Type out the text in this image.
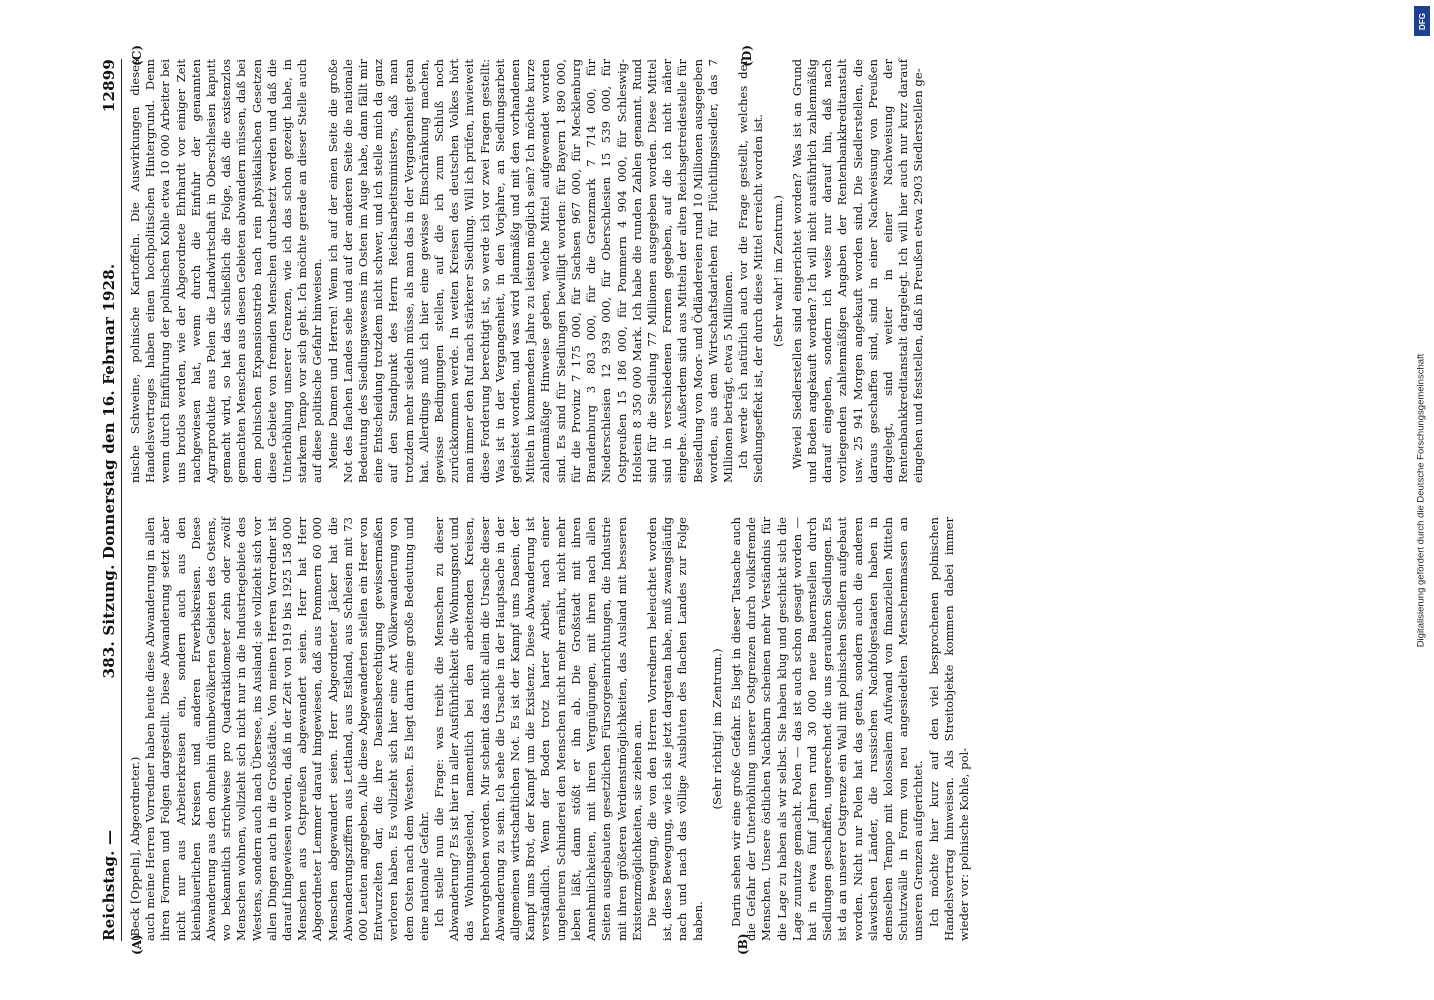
Reichstag. —
383. Sitzung. Donnerstag den 16. Februar 1928.
12899
(A)	(B)
(C)	(D)

(Beck [Oppeln], Abgeordneter.) auch meine Herren Vorredner haben heute diese Abwanderung in allen ihren Formen und Folgen dargestellt. Diese Abwanderung setzt aber nicht nur aus Arbeiterkreisen ein, sondern auch aus den kleinbäuerlichen Kreisen und anderen Erwerbskreisen. Diese Abwanderung aus den ohnehin dünnbevölkerten Gebieten des Ostens, wo bekanntlich strichweise pro Quadratkilometer zehn oder zwölf Menschen wohnen, vollzieht sich nicht nur in die Industriegebiete des Westens, sondern auch nach Übersee, ins Ausland; sie vollzieht sich vor allen Dingen auch in die Großstädte. Von meinen Herren Vorredner ist darauf hingewiesen worden, daß in der Zeit von 1919 bis 1925 158 000 Menschen aus Ostpreußen abgewandert seien. Herr hat Herr Abgeordneter Lemmer darauf hingewiesen, daß aus Pommern 60 000 Menschen abgewandert seien. Herr Abgeordneter Jäcker hat die Abwanderungsziffern aus Lettland, aus Estland, aus Schlesien mit 73 000 Leuten angegeben. Alle diese Abgewanderten stellen ein Heer von Entwurzelten dar, die ihre Daseinsberechtigung gewissermaßen verloren haben. Es vollzieht sich hier eine Art Völkerwanderung von dem Osten nach dem Westen. Es liegt darin eine große Bedeutung und eine nationale Gefahr. Ich stelle nun die Frage: was treibt die Menschen zu dieser Abwanderung? Es ist hier in aller Ausführlichkeit die Wohnungsnot und das Wohnungselend, namentlich bei den arbeitenden Kreisen, hervorgehoben worden. Mir scheint das nicht allein die Ursache dieser Abwanderung zu sein. Ich sehe die Ursache in der Hauptsache in der allgemeinen wirtschaftlichen Not. Es ist der Kampf ums Dasein, der Kampf ums Brot, der Kampf um die Existenz. Diese Abwanderung ist verständlich. Wenn der Boden trotz harter Arbeit, nach einer ungeheuren Schinderei den Menschen nicht mehr ernährt, nicht mehr leben läßt, dann stößt er ihn ab. Die Großstadt mit ihren Annehmlichkeiten, mit ihren Vergnügungen, mit ihren nach allen Seiten ausgebauten gesetzlichen Fürsorgeeinrichtungen, die Industrie mit ihren größeren Verdienstmöglichkeiten, das Ausland mit besseren Existenzmöglichkeiten, sie ziehen an. Die Bewegung, die von den Herren Vorrednern beleuchtet worden ist, diese Bewegung, wie ich sie jetzt dargetan habe, muß zwangsläufig nach und nach das völlige Ausbluten des flachen Landes zur Folge haben.

(Sehr richtig! im Zentrum.) Darin sehen wir eine große Gefahr. Es liegt in dieser Tatsache auch die Gefahr der Unterhöhlung unserer Ostgrenzen durch volksfremde Menschen. Unsere östlichen Nachbarn scheinen mehr Verständnis für die Lage zu haben als wir selbst. Sie haben klug und geschickt sich die Lage zunutze gemacht. Polen — das ist auch schon gesagt worden — hat in etwa fünf Jahren rund 30 000 neue Bauernstellen durch Siedlungen geschaffen, ungerechnet die uns geraubten Siedlungen. Es ist da an unserer Ostgrenze ein Wall mit polnischen Siedlern aufgebaut worden. Nicht nur Polen hat das getan, sondern auch die anderen slawischen Länder, die russischen Nachfolgestaaten haben in demselben Tempo mit kolossalem Aufwand von finanziellen Mitteln Schutzwälle in Form von neu angesiedelten Menschenmassen an unseren Grenzen aufgerichtet. Ich möchte hier kurz auf den viel besprochenen polnischen Handelsvertrag hinweisen. Als Streitobjekte kommen dabei immer wieder vor: polnische Kohle, pol-

nische Schweine, polnische Kartoffeln. Die Auswirkungen dieses Handelsvertrages haben einen hochpolitischen Hintergrund. Denn wenn durch Einführung der polnischen Kohle etwa 10 000 Arbeiter bei uns brotlos werden, wie der Abgeordnete Ehrhardt vor einiger Zeit nachgewiesen hat, wenn durch die Einfuhr der genannten Agrarprodukte aus Polen die Landwirtschaft in Oberschlesien kaputt gemacht wird, so hat das schließlich die Folge, daß die existenzlos gemachten Menschen aus diesen Gebieten abwandern müssen, daß bei dem polnischen Expansionstrieb nach rein physikalischen Gesetzen diese Gebiete von fremden Menschen durchsetzt werden und daß die Unterhöhlung unserer Grenzen, wie ich das schon gezeigt habe, in starkem Tempo vor sich geht. Ich möchte gerade an dieser Stelle auch auf diese politische Gefahr hinweisen. Meine Damen und Herren! Wenn ich auf der einen Seite die große Not des flachen Landes sehe und auf der anderen Seite die nationale Bedeutung des Siedlungswesens im Osten im Auge habe, dann fällt mir eine Entscheidung trotzdem nicht schwer, und ich stelle mich da ganz auf den Standpunkt des Herrn Reichsarbeitsministers, daß man trotzdem mehr siedeln müsse, als man das in der Vergangenheit getan hat. Allerdings muß ich hier eine gewisse Einschränkung machen, gewisse Bedingungen stellen, auf die ich zum Schluß noch zurückkommen werde. In weiten Kreisen des deutschen Volkes hört man immer den Ruf nach stärkerer Siedlung. Will ich prüfen, inwieweit diese Forderung berechtigt ist, so werde ich vor zwei Fragen gestellt: Was ist in der Vergangenheit, in den Vorjahre, an Siedlungsarbeit geleistet worden, und was wird planmäßig und mit den vorhandenen Mitteln in kommenden Jahre zu leisten möglich sein? Ich möchte kurze zahlenmäßige Hinweise geben, welche Mittel aufgewendet worden sind. Es sind für Siedlungen bewilligt worden: für Bayern 1 890 000, für die Provinz 7 175 000, für Sachsen 967 000, für Mecklenburg Brandenburg 3 803 000, für die Grenzmark 7 714 000, für Niederschlesien 12 939 000, für Oberschlesien 15 539 000, für Ostpreußen 15 186 000, für Pommern 4 904 000, für Schleswig-Holstein 8 350 000 Mark. Ich habe die runden Zahlen genannt. Rund sind für die Siedlung 77 Millionen ausgegeben worden. Diese Mittel sind in verschiedenen Formen gegeben, auf die ich nicht näher eingehe. Außerdem sind aus Mitteln der alten Reichsgetreidestelle für Besiedlung von Moor- und Ödländereien rund 10 Millionen ausgegeben worden, aus dem Wirtschaftsdarlehen für Flüchtlingssiedler, das 7 Millionen beträgt, etwa 5 Millionen. Ich werde ich natürlich auch vor die Frage gestellt, welches der Siedlungseffekt ist, der durch diese Mittel erreicht worden ist. (Sehr wahr! im Zentrum.) Wieviel Siedlerstellen sind eingerichtet worden? Was ist an Grund und Boden angekauft worden? Ich will nicht ausführlich zahlenmäßig darauf eingehen, sondern ich weise nur darauf hin, daß nach vorliegenden zahlenmäßigen Angaben der Rentenbankkreditanstalt usw. 25 941 Morgen angekauft worden sind. Die Siedlerstellen, die daraus geschaffen sind, sind in einer Nachweisung von Preußen dargelegt, sind weiter in einer Nachweisung der Rentenbankkreditanstalt dargelegt. Ich will hier auch nur kurz darauf eingehen und feststellen, daß in Preußen etwa 2903 Siedlerstellen ge-

Digitalisierung gefördert durch die Deutsche Forschungsgemeinschaft
DFG
